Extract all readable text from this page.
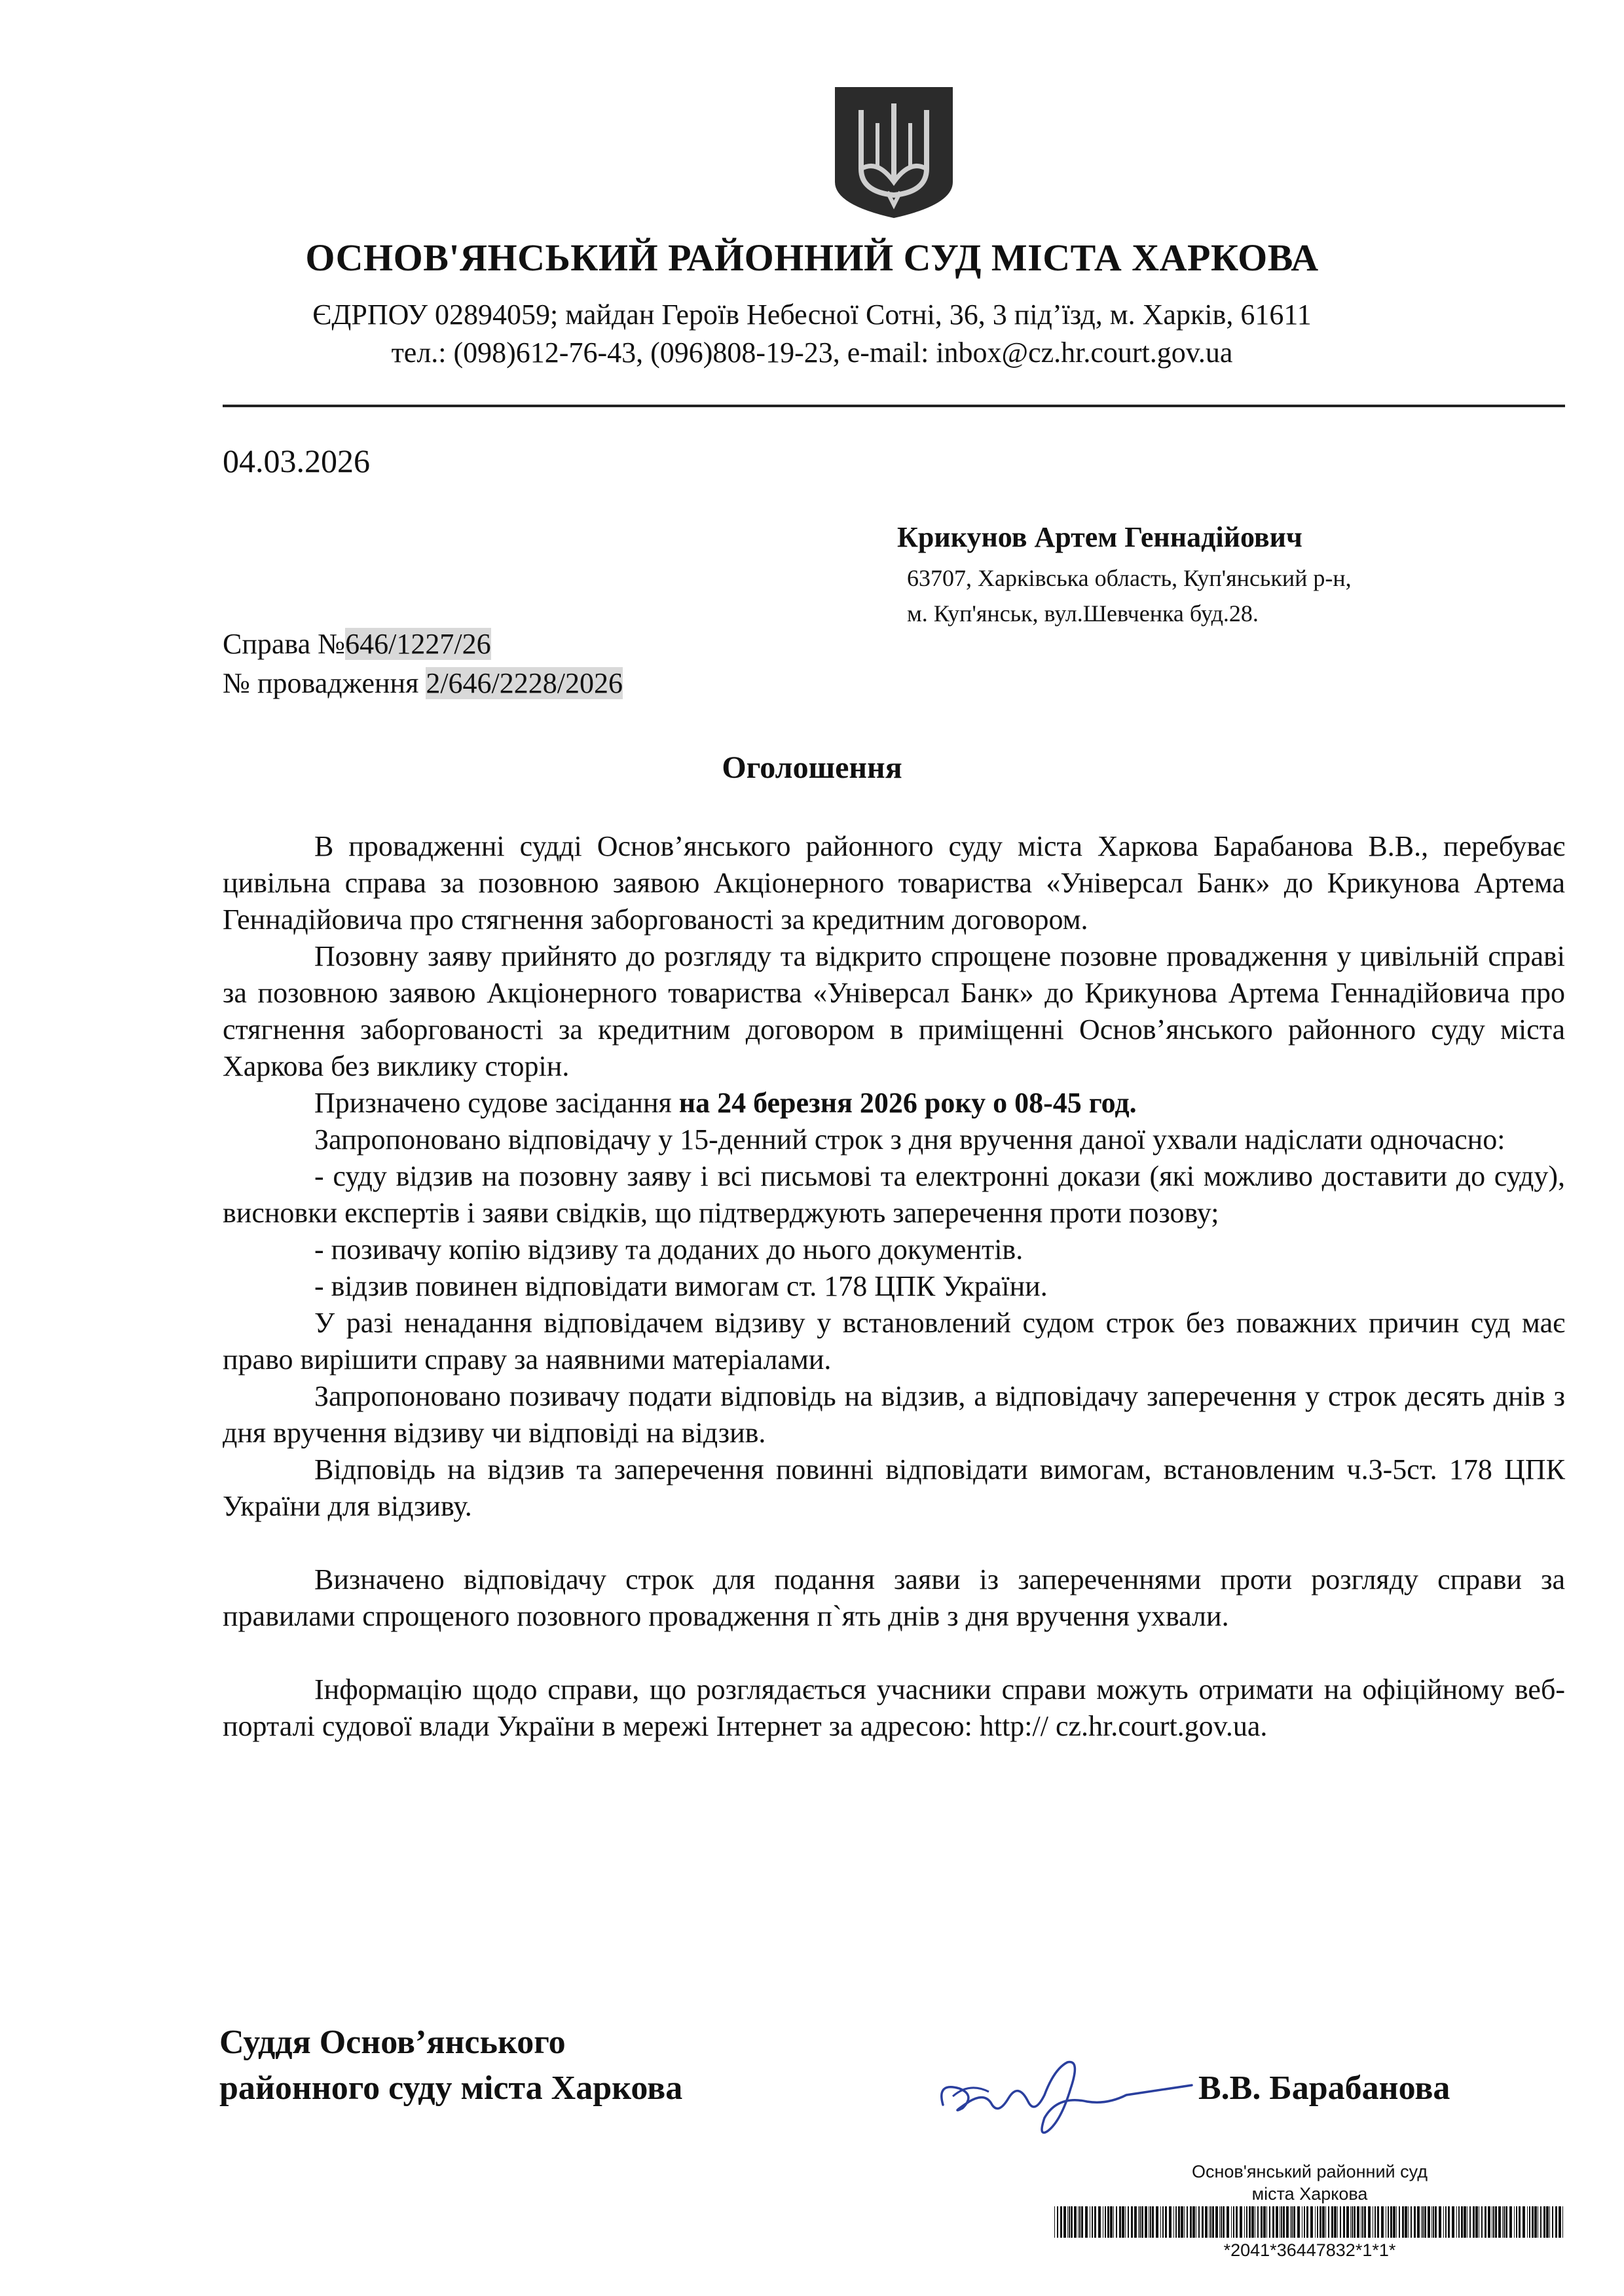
ОСНОВ'ЯНСЬКИЙ РАЙОННИЙ СУД МІСТА ХАРКОВА
ЄДРПОУ 02894059; майдан Героїв Небесної Сотні, 36, 3 під’їзд, м. Харків, 61611
тел.: (098)612-76-43, (096)808-19-23, e-mail: inbox@cz.hr.court.gov.ua
04.03.2026
Крикунов Артем Геннадійович
63707, Харківська область, Куп'янський р-н,
м. Куп'янськ, вул.Шевченка буд.28.
Справа №646/1227/26
№ провадження 2/646/2228/2026
Оголошення

В провадженні судді Основ’янського районного суду міста Харкова Барабанова В.В., перебуває цивільна справа за позовною заявою Акціонерного товариства «Універсал Банк» до Крикунова Артема Геннадійовича про стягнення заборгованості за кредитним договором.

Позовну заяву прийнято до розгляду та відкрито спрощене позовне провадження у цивільній справі за позовною заявою Акціонерного товариства «Універсал Банк» до Крикунова Артема Геннадійовича про стягнення заборгованості за кредитним договором в приміщенні Основ’янського районного суду міста Харкова без виклику сторін.

Призначено судове засідання на 24 березня 2026 року о 08-45 год.

Запропоновано відповідачу у 15-денний строк з дня вручення даної ухвали надіслати одночасно:

- суду відзив на позовну заяву і всі письмові та електронні докази (які можливо доставити до суду), висновки експертів і заяви свідків, що підтверджують заперечення проти позову;

- позивачу копію відзиву та доданих до нього документів.

- відзив повинен відповідати вимогам ст. 178 ЦПК України.

У разі ненадання відповідачем відзиву у встановлений судом строк без поважних причин суд має право вирішити справу за наявними матеріалами.

Запропоновано позивачу подати відповідь на відзив, а відповідачу заперечення у строк десять днів з дня вручення відзиву чи відповіді на відзив.

Відповідь на відзив та заперечення повинні відповідати вимогам, встановленим ч.3-5ст. 178 ЦПК України для відзиву.

Визначено відповідачу строк для подання заяви із запереченнями проти розгляду справи за правилами спрощеного позовного провадження п`ять днів з дня вручення ухвали.

Інформацію щодо справи, що розглядається учасники справи можуть отримати на офіційному веб-порталі судової влади України в мережі Інтернет за адресою: http:// cz.hr.court.gov.ua.

Суддя Основ’янського
районного суду міста Харкова	В.В. Барабанова
Основ'янський районний суд
міста Харкова
*2041*36447832*1*1*
